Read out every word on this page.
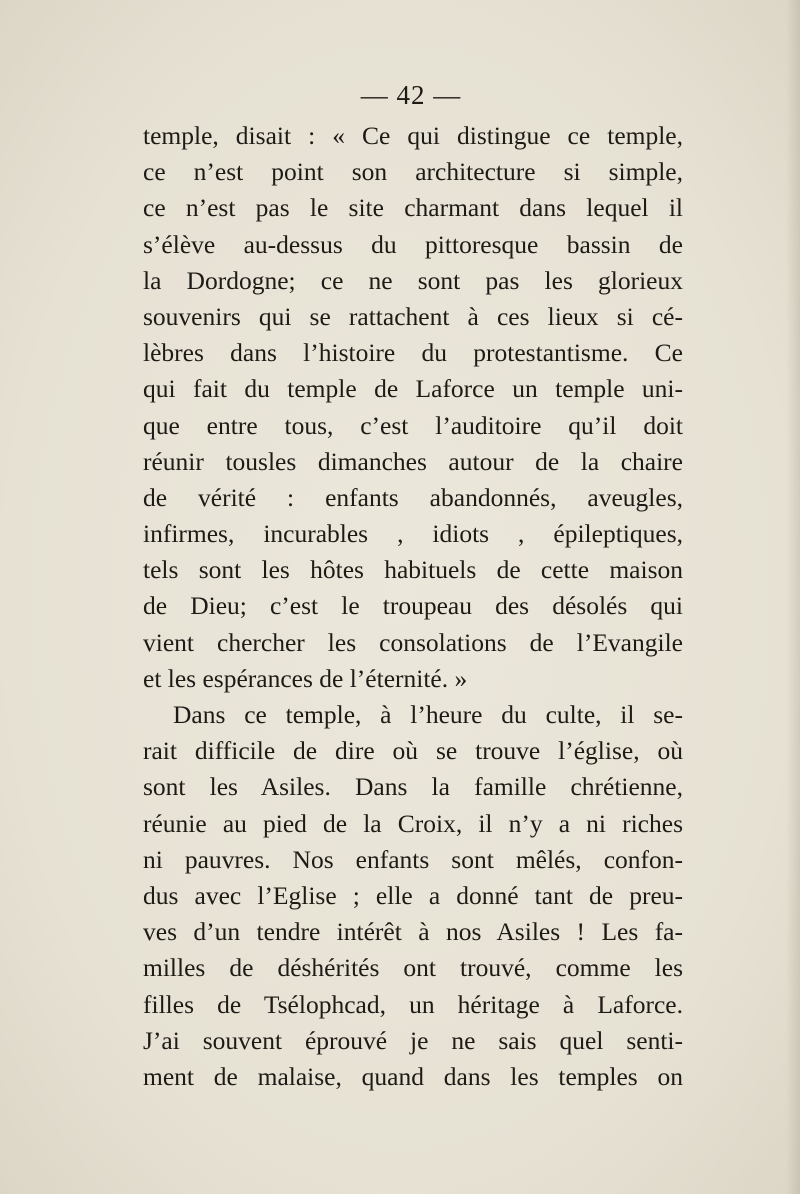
— 42 —
temple, disait : « Ce qui distingue ce temple,
ce n’est point son architecture si simple,
ce n’est pas le site charmant dans lequel il
s’élève au-dessus du pittoresque bassin de
la Dordogne; ce ne sont pas les glorieux
souvenirs qui se rattachent à ces lieux si cé-
lèbres dans l’histoire du protestantisme. Ce
qui fait du temple de Laforce un temple uni-
que entre tous, c’est l’auditoire qu’il doit
réunir tousles dimanches autour de la chaire
de vérité : enfants abandonnés, aveugles,
infirmes, incurables , idiots , épileptiques,
tels sont les hôtes habituels de cette maison
de Dieu; c’est le troupeau des désolés qui
vient chercher les consolations de l’Evangile
et les espérances de l’éternité. »
Dans ce temple, à l’heure du culte, il se-
rait difficile de dire où se trouve l’église, où
sont les Asiles. Dans la famille chrétienne,
réunie au pied de la Croix, il n’y a ni riches
ni pauvres. Nos enfants sont mêlés, confon-
dus avec l’Eglise ; elle a donné tant de preu-
ves d’un tendre intérêt à nos Asiles ! Les fa-
milles de déshérités ont trouvé, comme les
filles de Tsélophcad, un héritage à Laforce.
J’ai souvent éprouvé je ne sais quel senti-
ment de malaise, quand dans les temples on
